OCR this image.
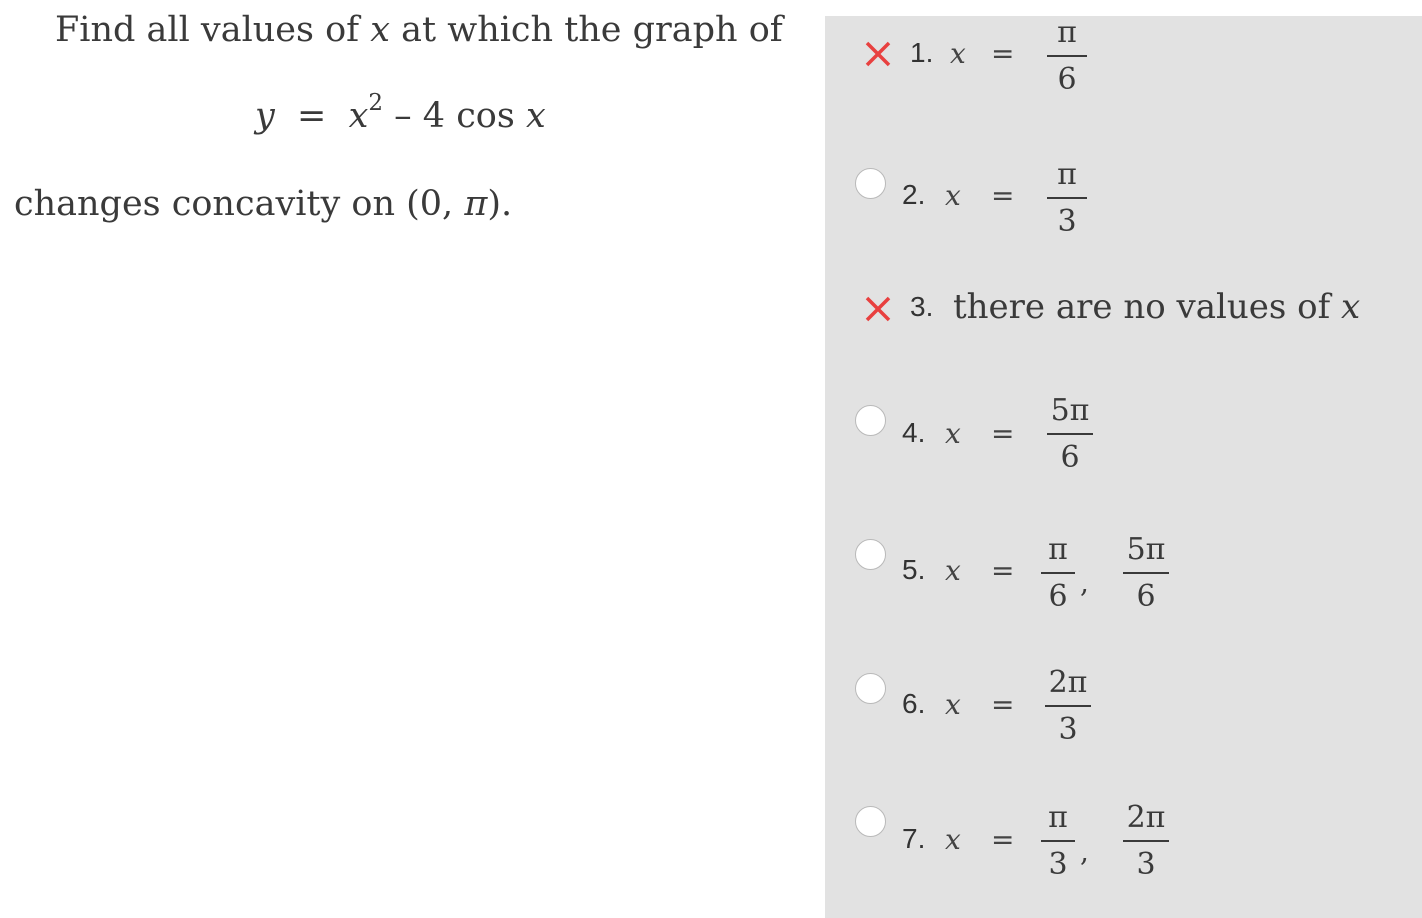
Find all values of x at which the graph of
$y = x^2 - 4$ cos x
changes concavity on (0, π).
1. x =
π
6
2. x =
π
3
3. there are no values of x
4. x =
5π
6
5. x =
π
6 ,
5π
6
6. x =
2π
3
7. x =
π
3 ,
2π
3
